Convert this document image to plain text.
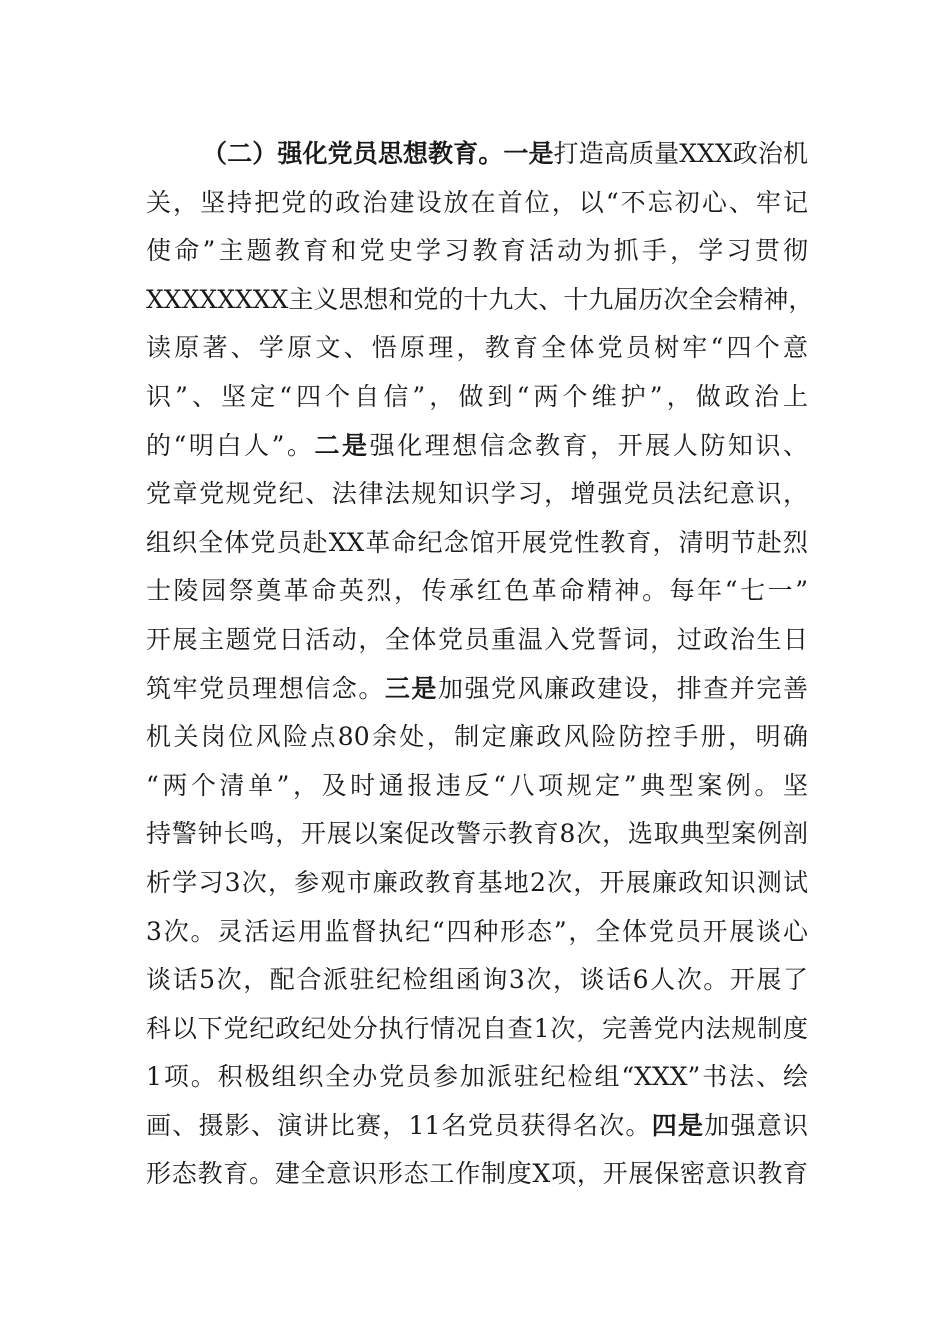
（二）强化党员思想教育。一是打造高质量XXX政治机
关，坚持把党的政治建设放在首位，以“不忘初心、牢记
使命”主题教育和党史学习教育活动为抓手，学习贯彻
XXXXXXXX主义思想和党的十九大、十九届历次全会精神，
读原著、学原文、悟原理，教育全体党员树牢“四个意
识”、坚定“四个自信”，做到“两个维护”，做政治上
的“明白人”。二是强化理想信念教育，开展人防知识、
党章党规党纪、法律法规知识学习，增强党员法纪意识，
组织全体党员赴XX革命纪念馆开展党性教育，清明节赴烈
士陵园祭奠革命英烈，传承红色革命精神。每年“七一”
开展主题党日活动，全体党员重温入党誓词，过政治生日
筑牢党员理想信念。三是加强党风廉政建设，排查并完善
机关岗位风险点80余处，制定廉政风险防控手册，明确
“两个清单”，及时通报违反“八项规定”典型案例。坚
持警钟长鸣，开展以案促改警示教育8次，选取典型案例剖
析学习3次，参观市廉政教育基地2次，开展廉政知识测试
3次。灵活运用监督执纪“四种形态”，全体党员开展谈心
谈话5次，配合派驻纪检组函询3次，谈话6人次。开展了
科以下党纪政纪处分执行情况自查1次，完善党内法规制度
1项。积极组织全办党员参加派驻纪检组“XXX”书法、绘
画、摄影、演讲比赛，11名党员获得名次。四是加强意识
形态教育。建全意识形态工作制度X项，开展保密意识教育
